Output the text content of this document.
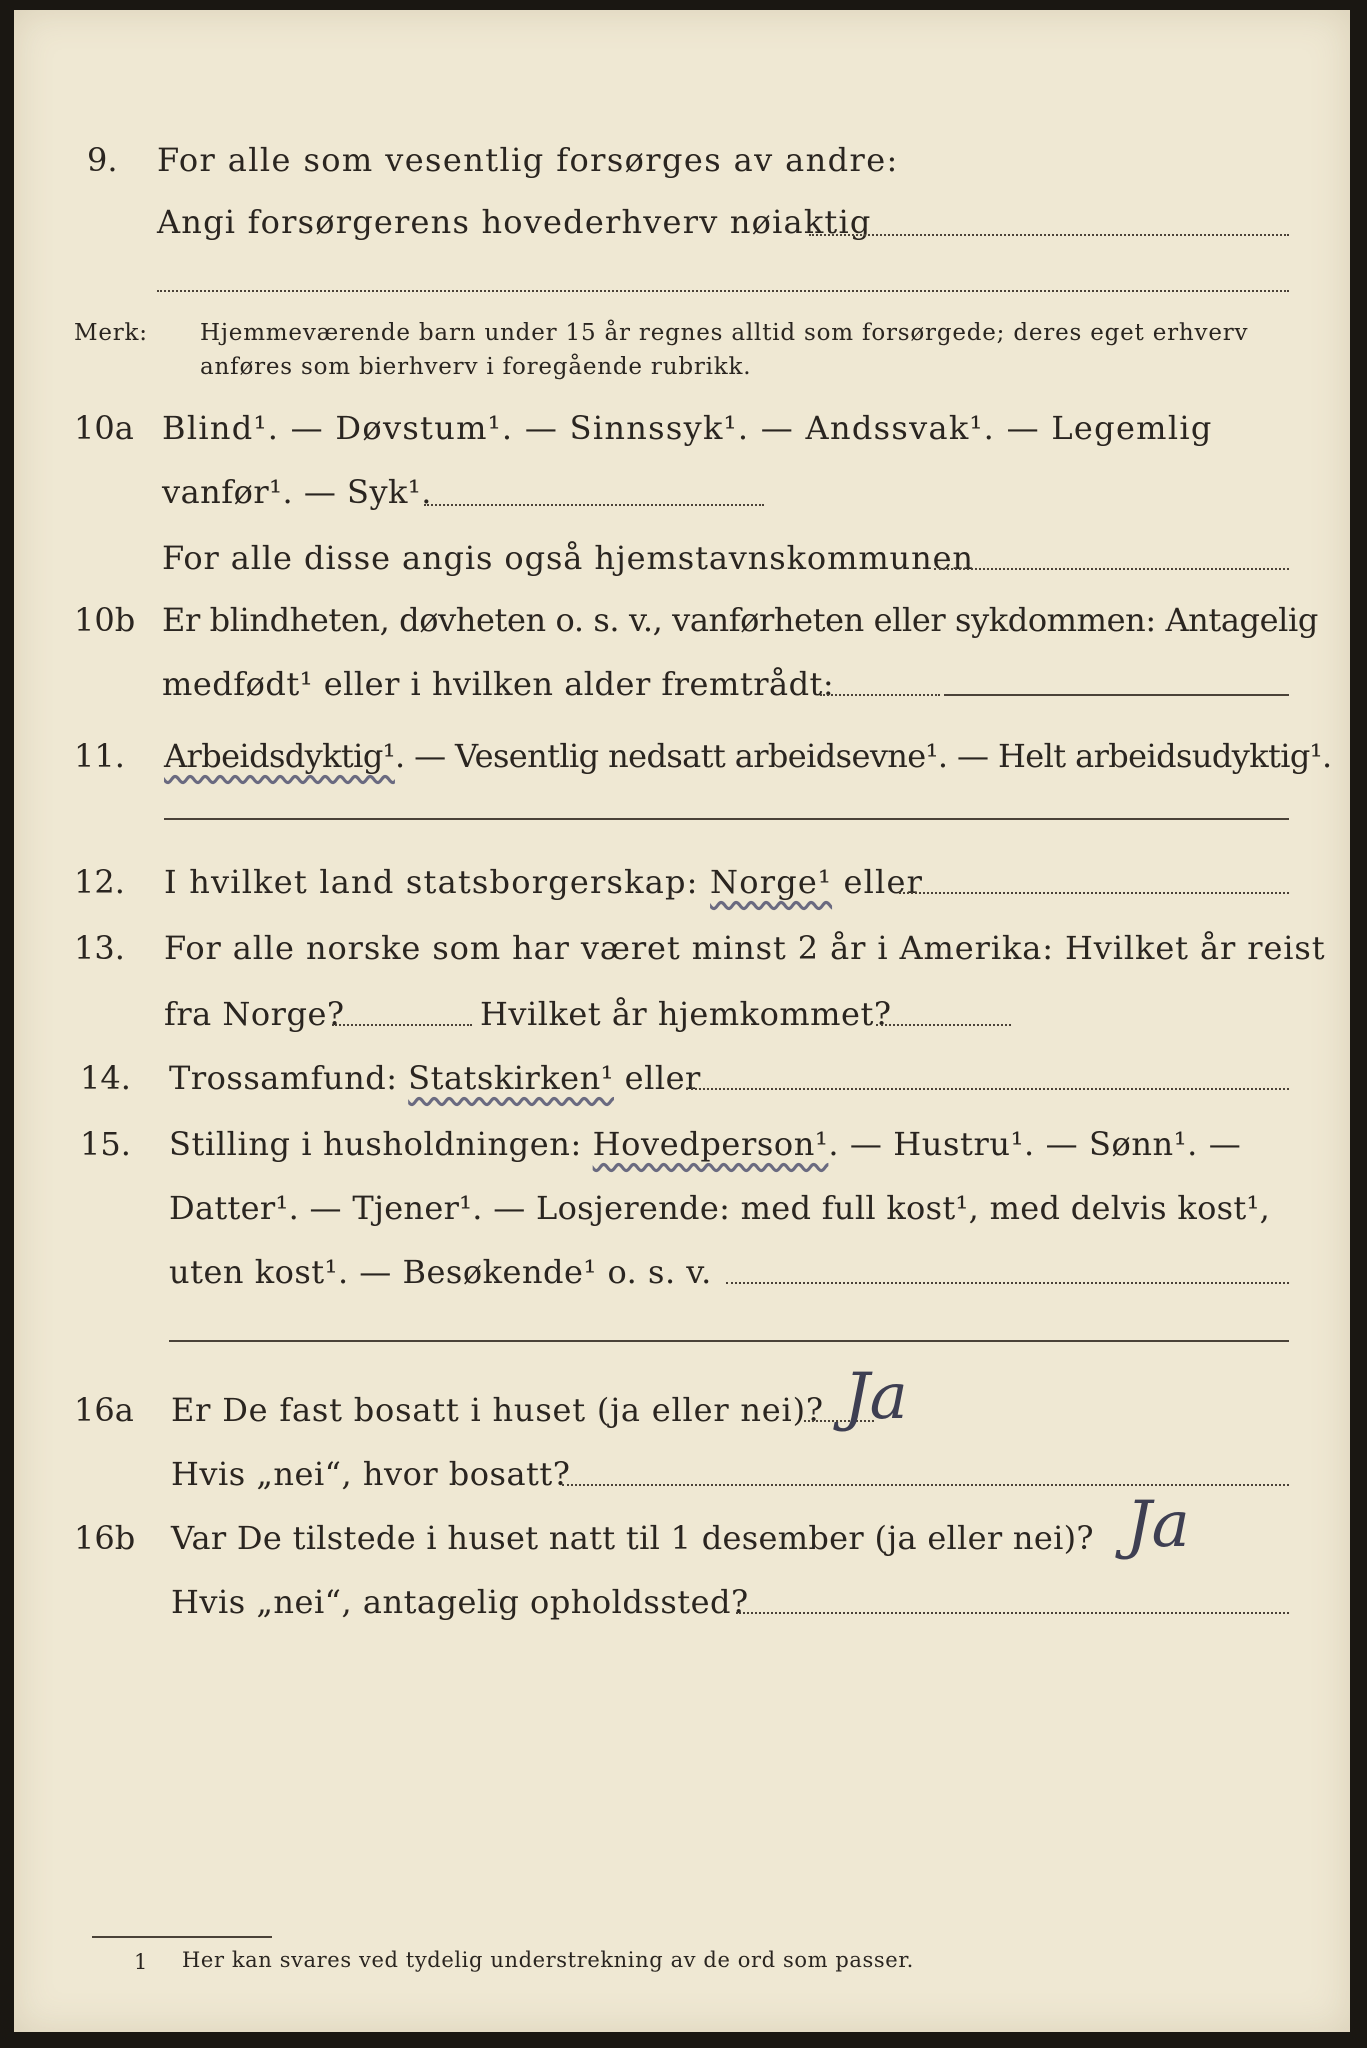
9. For alle som vesentlig forsørges av andre:
Angi forsørgerens hovederhverv nøiaktig
Merk: Hjemmeværende barn under 15 år regnes alltid som forsørgede; deres eget erhverv
anføres som bierhverv i foregående rubrikk.
10a Blind¹. — Døvstum¹. — Sinnssyk¹. — Andssvak¹. — Legemlig
vanfør¹. — Syk¹.
For alle disse angis også hjemstavnskommunen
10b Er blindheten, døvheten o. s. v., vanførheten eller sykdommen: Antagelig
medfødt¹ eller i hvilken alder fremtrådt:
11. Arbeidsdyktig¹. — Vesentlig nedsatt arbeidsevne¹. — Helt arbeidsudyktig¹.
12. I hvilket land statsborgerskap: Norge¹ eller
13. For alle norske som har været minst 2 år i Amerika: Hvilket år reist
fra Norge?	Hvilket år hjemkommet?
14. Trossamfund: Statskirken¹ eller
15. Stilling i husholdningen: Hovedperson¹. — Hustru¹. — Sønn¹. —
Datter¹. — Tjener¹. — Losjerende: med full kost¹, med delvis kost¹,
uten kost¹. — Besøkende¹ o. s. v.
16a Er De fast bosatt i huset (ja eller nei)? Ja
Hvis „nei“, hvor bosatt?
16b Var De tilstede i huset natt til 1 desember (ja eller nei)? Ja
Hvis „nei“, antagelig opholdssted?
1 Her kan svares ved tydelig understrekning av de ord som passer.
